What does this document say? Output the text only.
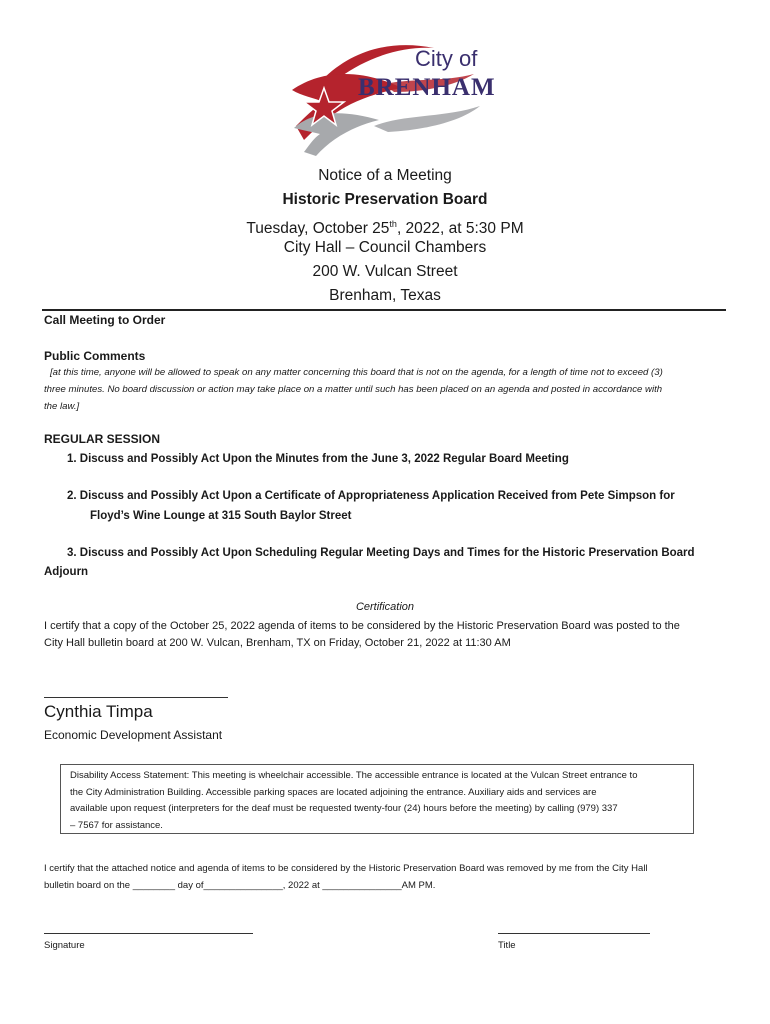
City of
BRENHAM
Notice of a Meeting
Historic Preservation Board
Tuesday, October 25th, 2022, at 5:30 PM
City Hall – Council Chambers
200 W. Vulcan Street
Brenham, Texas
Call Meeting to Order
Public Comments
[at this time, anyone will be allowed to speak on any matter concerning this board that is not on the agenda, for a length of time not to exceed (3)
three minutes. No board discussion or action may take place on a matter until such has been placed on an agenda and posted in accordance with
the law.]
REGULAR SESSION
1. Discuss and Possibly Act Upon the Minutes from the June 3, 2022 Regular Board Meeting
2. Discuss and Possibly Act Upon a Certificate of Appropriateness Application Received from Pete Simpson for
Floyd’s Wine Lounge at 315 South Baylor Street
3. Discuss and Possibly Act Upon Scheduling Regular Meeting Days and Times for the Historic Preservation Board
Adjourn
Certification
I certify that a copy of the October 25, 2022 agenda of items to be considered by the Historic Preservation Board was posted to the
City Hall bulletin board at 200 W. Vulcan, Brenham, TX on Friday, October 21, 2022 at 11:30 AM
Cynthia Timpa
Economic Development Assistant
Disability Access Statement: This meeting is wheelchair accessible. The accessible entrance is located at the Vulcan Street entrance to
the City Administration Building. Accessible parking spaces are located adjoining the entrance. Auxiliary aids and services are
available upon request (interpreters for the deaf must be requested twenty-four (24) hours before the meeting) by calling (979) 337
– 7567 for assistance.
I certify that the attached notice and agenda of items to be considered by the Historic Preservation Board was removed by me from the City Hall
bulletin board on the ________ day of_______________, 2022 at _______________AM PM.
Signature	Title
